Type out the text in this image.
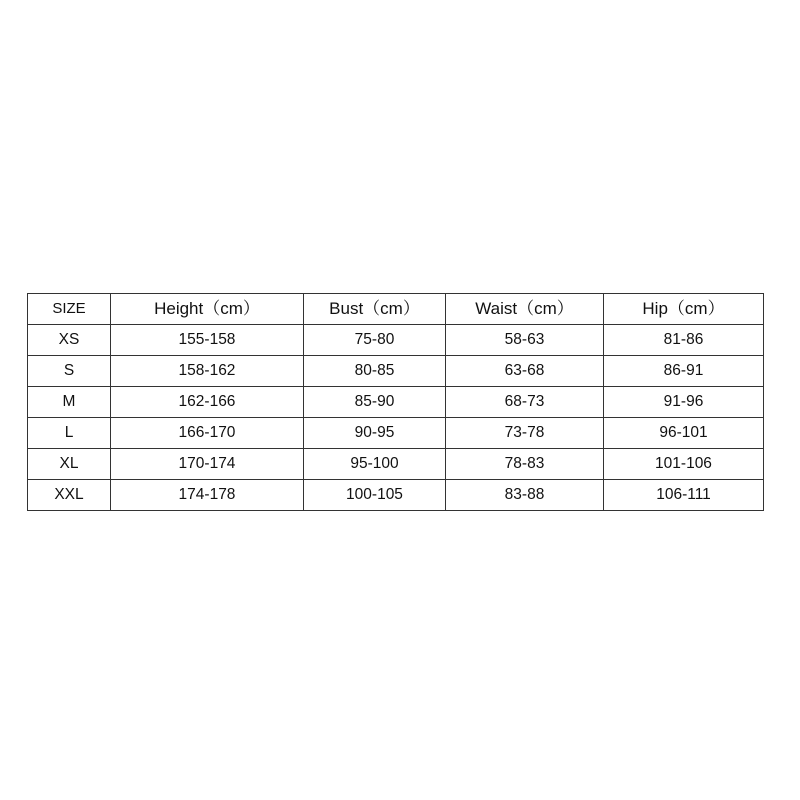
SIZE	Height（cm）	Bust（cm）	Waist（cm）	Hip（cm）
XS	155-158	75-80	58-63	81-86
S	158-162	80-85	63-68	86-91
M	162-166	85-90	68-73	91-96
L	166-170	90-95	73-78	96-101
XL	170-174	95-100	78-83	101-106
XXL	174-178	100-105	83-88	106-111
